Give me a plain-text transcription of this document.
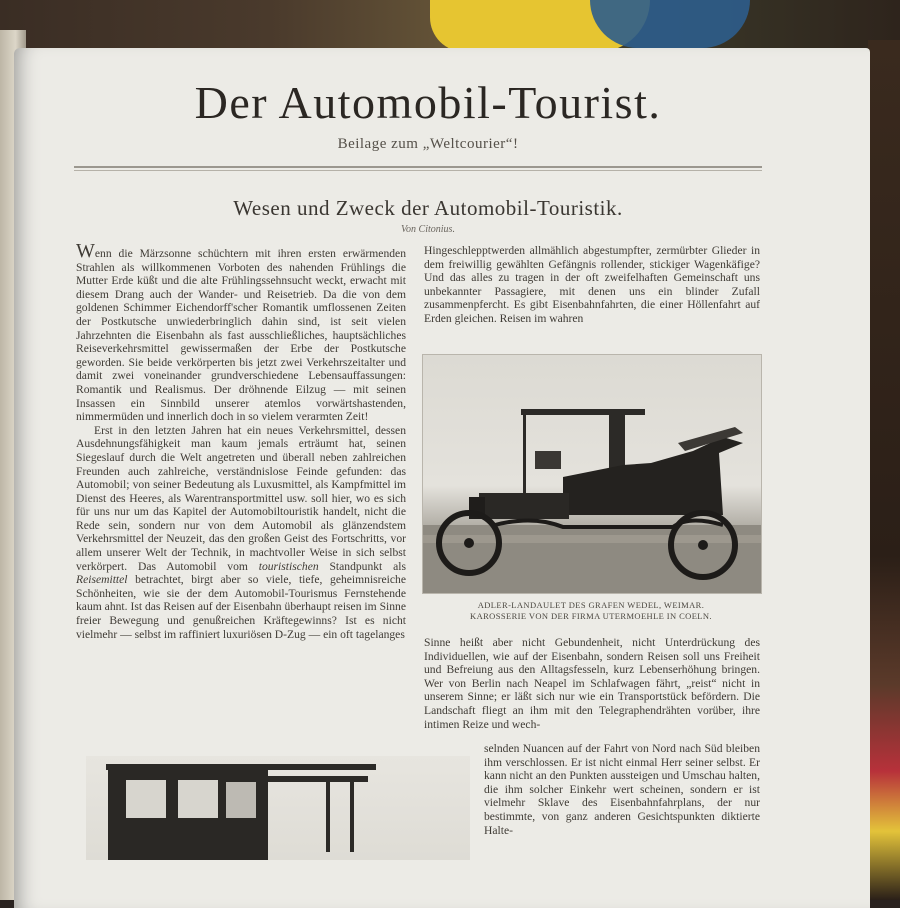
Der Automobil-Tourist.
Beilage zum „Weltcourier“!
Wesen und Zweck der Automobil-Touristik.
Von Citonius.

Wenn die Märzsonne schüchtern mit ihren ersten erwärmenden Strahlen als willkommenen Vorboten des nahenden Frühlings die Mutter Erde küßt und die alte Frühlingssehnsucht weckt, erwacht mit diesem Drang auch der Wander- und Reisetrieb. Da die von dem goldenen Schimmer Eichendorff'scher Romantik umflossenen Zeiten der Postkutsche unwiederbringlich dahin sind, ist seit vielen Jahrzehnten die Eisenbahn als fast ausschließliches, hauptsächliches Reiseverkehrsmittel gewissermaßen der Erbe der Postkutsche geworden. Sie beide verkörperten bis jetzt zwei Verkehrszeitalter und damit zwei voneinander grundverschiedene Lebensauffassungen: Romantik und Realismus. Der dröhnende Eilzug — mit seinen Insassen ein Sinnbild unserer atemlos vorwärtshastenden, nimmermüden und innerlich doch in so vielem verarmten Zeit!

Erst in den letzten Jahren hat ein neues Verkehrsmittel, dessen Ausdehnungsfähigkeit man kaum jemals erträumt hat, seinen Siegeslauf durch die Welt angetreten und überall neben zahlreichen Freunden auch zahlreiche, verständnislose Feinde gefunden: das Automobil; von seiner Bedeutung als Luxusmittel, als Kampfmittel im Dienst des Heeres, als Warentransportmittel usw. soll hier, wo es sich für uns nur um das Kapitel der Automobiltouristik handelt, nicht die Rede sein, sondern nur von dem Automobil als glänzendstem Verkehrsmittel der Neuzeit, das den großen Geist des Fortschritts, vor allem unserer Welt der Technik, in machtvoller Weise in sich selbst verkörpert. Das Automobil vom touristischen Standpunkt als Reisemittel betrachtet, birgt aber so viele, tiefe, geheimnisreiche Schönheiten, wie sie der dem Automobil-Tourismus Fernstehende kaum ahnt. Ist das Reisen auf der Eisenbahn überhaupt reisen im Sinne freier Bewegung und genußreichen Kräftegewinns? Ist es nicht vielmehr — selbst im raffiniert luxuriösen D-Zug — ein oft tagelanges

Hingeschlepptwerden allmählich abgestumpfter, zermürbter Glieder in dem freiwillig gewählten Gefängnis rollender, stickiger Wagenkäfige? Und das alles zu tragen in der oft zweifelhaften Gemeinschaft uns unbekannter Passagiere, mit denen uns ein blinder Zufall zusammenpfercht. Es gibt Eisenbahnfahrten, die einer Höllenfahrt auf Erden gleichen. Reisen im wahren

ADLER-LANDAULET DES GRAFEN WEDEL, WEIMAR.
KAROSSERIE VON DER FIRMA UTERMOEHLE IN COELN.

Sinne heißt aber nicht Gebundenheit, nicht Unterdrückung des Individuellen, wie auf der Eisenbahn, sondern Reisen soll uns Freiheit und Befreiung aus den Alltagsfesseln, kurz Lebenserhöhung bringen. Wer von Berlin nach Neapel im Schlafwagen fährt, „reist“ nicht in unserem Sinne; er läßt sich nur wie ein Transportstück befördern. Die Landschaft fliegt an ihm mit den Telegraphendrähten vorüber, ihre intimen Reize und wech-

selnden Nuancen auf der Fahrt von Nord nach Süd bleiben ihm verschlossen. Er ist nicht einmal Herr seiner selbst. Er kann nicht an den Punkten aussteigen und Umschau halten, die ihm solcher Einkehr wert scheinen, sondern er ist vielmehr Sklave des Eisenbahnfahrplans, der nur bestimmte, von ganz anderen Gesichtspunkten diktierte Halte-
